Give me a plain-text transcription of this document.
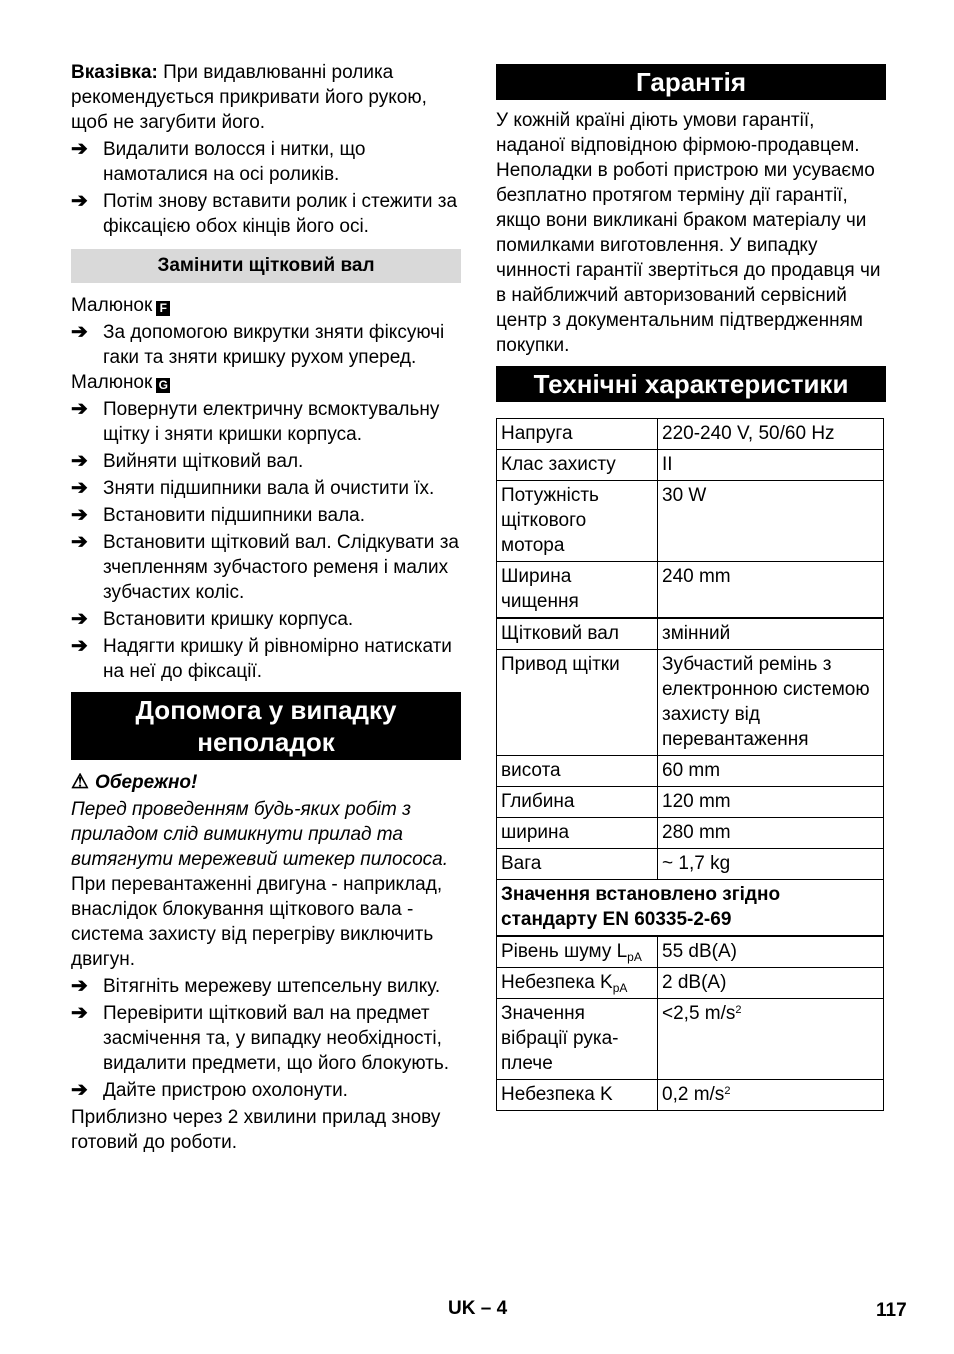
Вказівка: При видавлюванні ролика рекомендується прикривати його рукою, щоб не загубити його.

➔ Видалити волосся і нитки, що намоталися на осі роликів.
➔ Потім знову вставити ролик і стежити за фіксацією обох кінців його осі.
Замінити щітковий вал

Малюнок F

➔ За допомогою викрутки зняти фіксуючі гаки та зняти кришку рухом уперед.

Малюнок G

➔ Повернути електричну всмоктувальну щітку і зняти кришки корпуса.
➔ Вийняти щітковий вал.
➔ Зняти підшипники вала й очистити їх.
➔ Встановити підшипники вала.
➔ Встановити щітковий вал. Слідкувати за зчепленням зубчастого ременя і малих зубчастих коліс.
➔ Встановити кришку корпуса.
➔ Надягти кришку й рівномірно натискати на неї до фіксації.
Допомога у випадку неполадок

⚠ Обережно!

Перед проведенням будь-яких робіт з приладом слід вимикнути прилад та витягнути мережевий штекер пилососа.

При перевантаженні двигуна - наприклад, внаслідок блокування щіткового вала - система захисту від перегріву виключить двигун.

➔ Вітягніть мережеву штепсельну вилку.
➔ Перевірити щітковий вал на предмет засмічення та, у випадку необхідності, видалити предмети, що його блокують.
➔ Дайте пристрою охолонути.

Приблизно через 2 хвилини прилад знову готовий до роботи.

Гарантія

У кожній країні діють умови гарантії, наданої відповідною фірмою-продавцем. Неполадки в роботі пристрою ми усуваємо безплатно протягом терміну дії гарантії, якщо вони викликані браком матеріалу чи помилками виготовлення. У випадку чинності гарантії звертіться до продавця чи в найближчий авторизований сервісний центр з документальним підтвердженням покупки.

Технічні характеристики
Напруга	220-240 V, 50/60 Hz
Клас захисту	II
Потужність щіткового мотора	30 W
Ширина чищення	240 mm
Щітковий вал	змінний
Привод щітки	Зубчастий ремінь з електронною системою захисту від перевантаження
висота	60 mm
Глибина	120 mm
ширина	280 mm
Вага	~ 1,7 kg
Значення встановлено згідно стандарту EN 60335-2-69	
Рівень шуму $L_{pA}$	55 dB(A)
Небезпека $K_{pA}$	2 dB(A)
Значення вібрації рука-плече	<2,5 $m/s^2$
Небезпека K	0,2 $m/s^2$
UK – 4	117
